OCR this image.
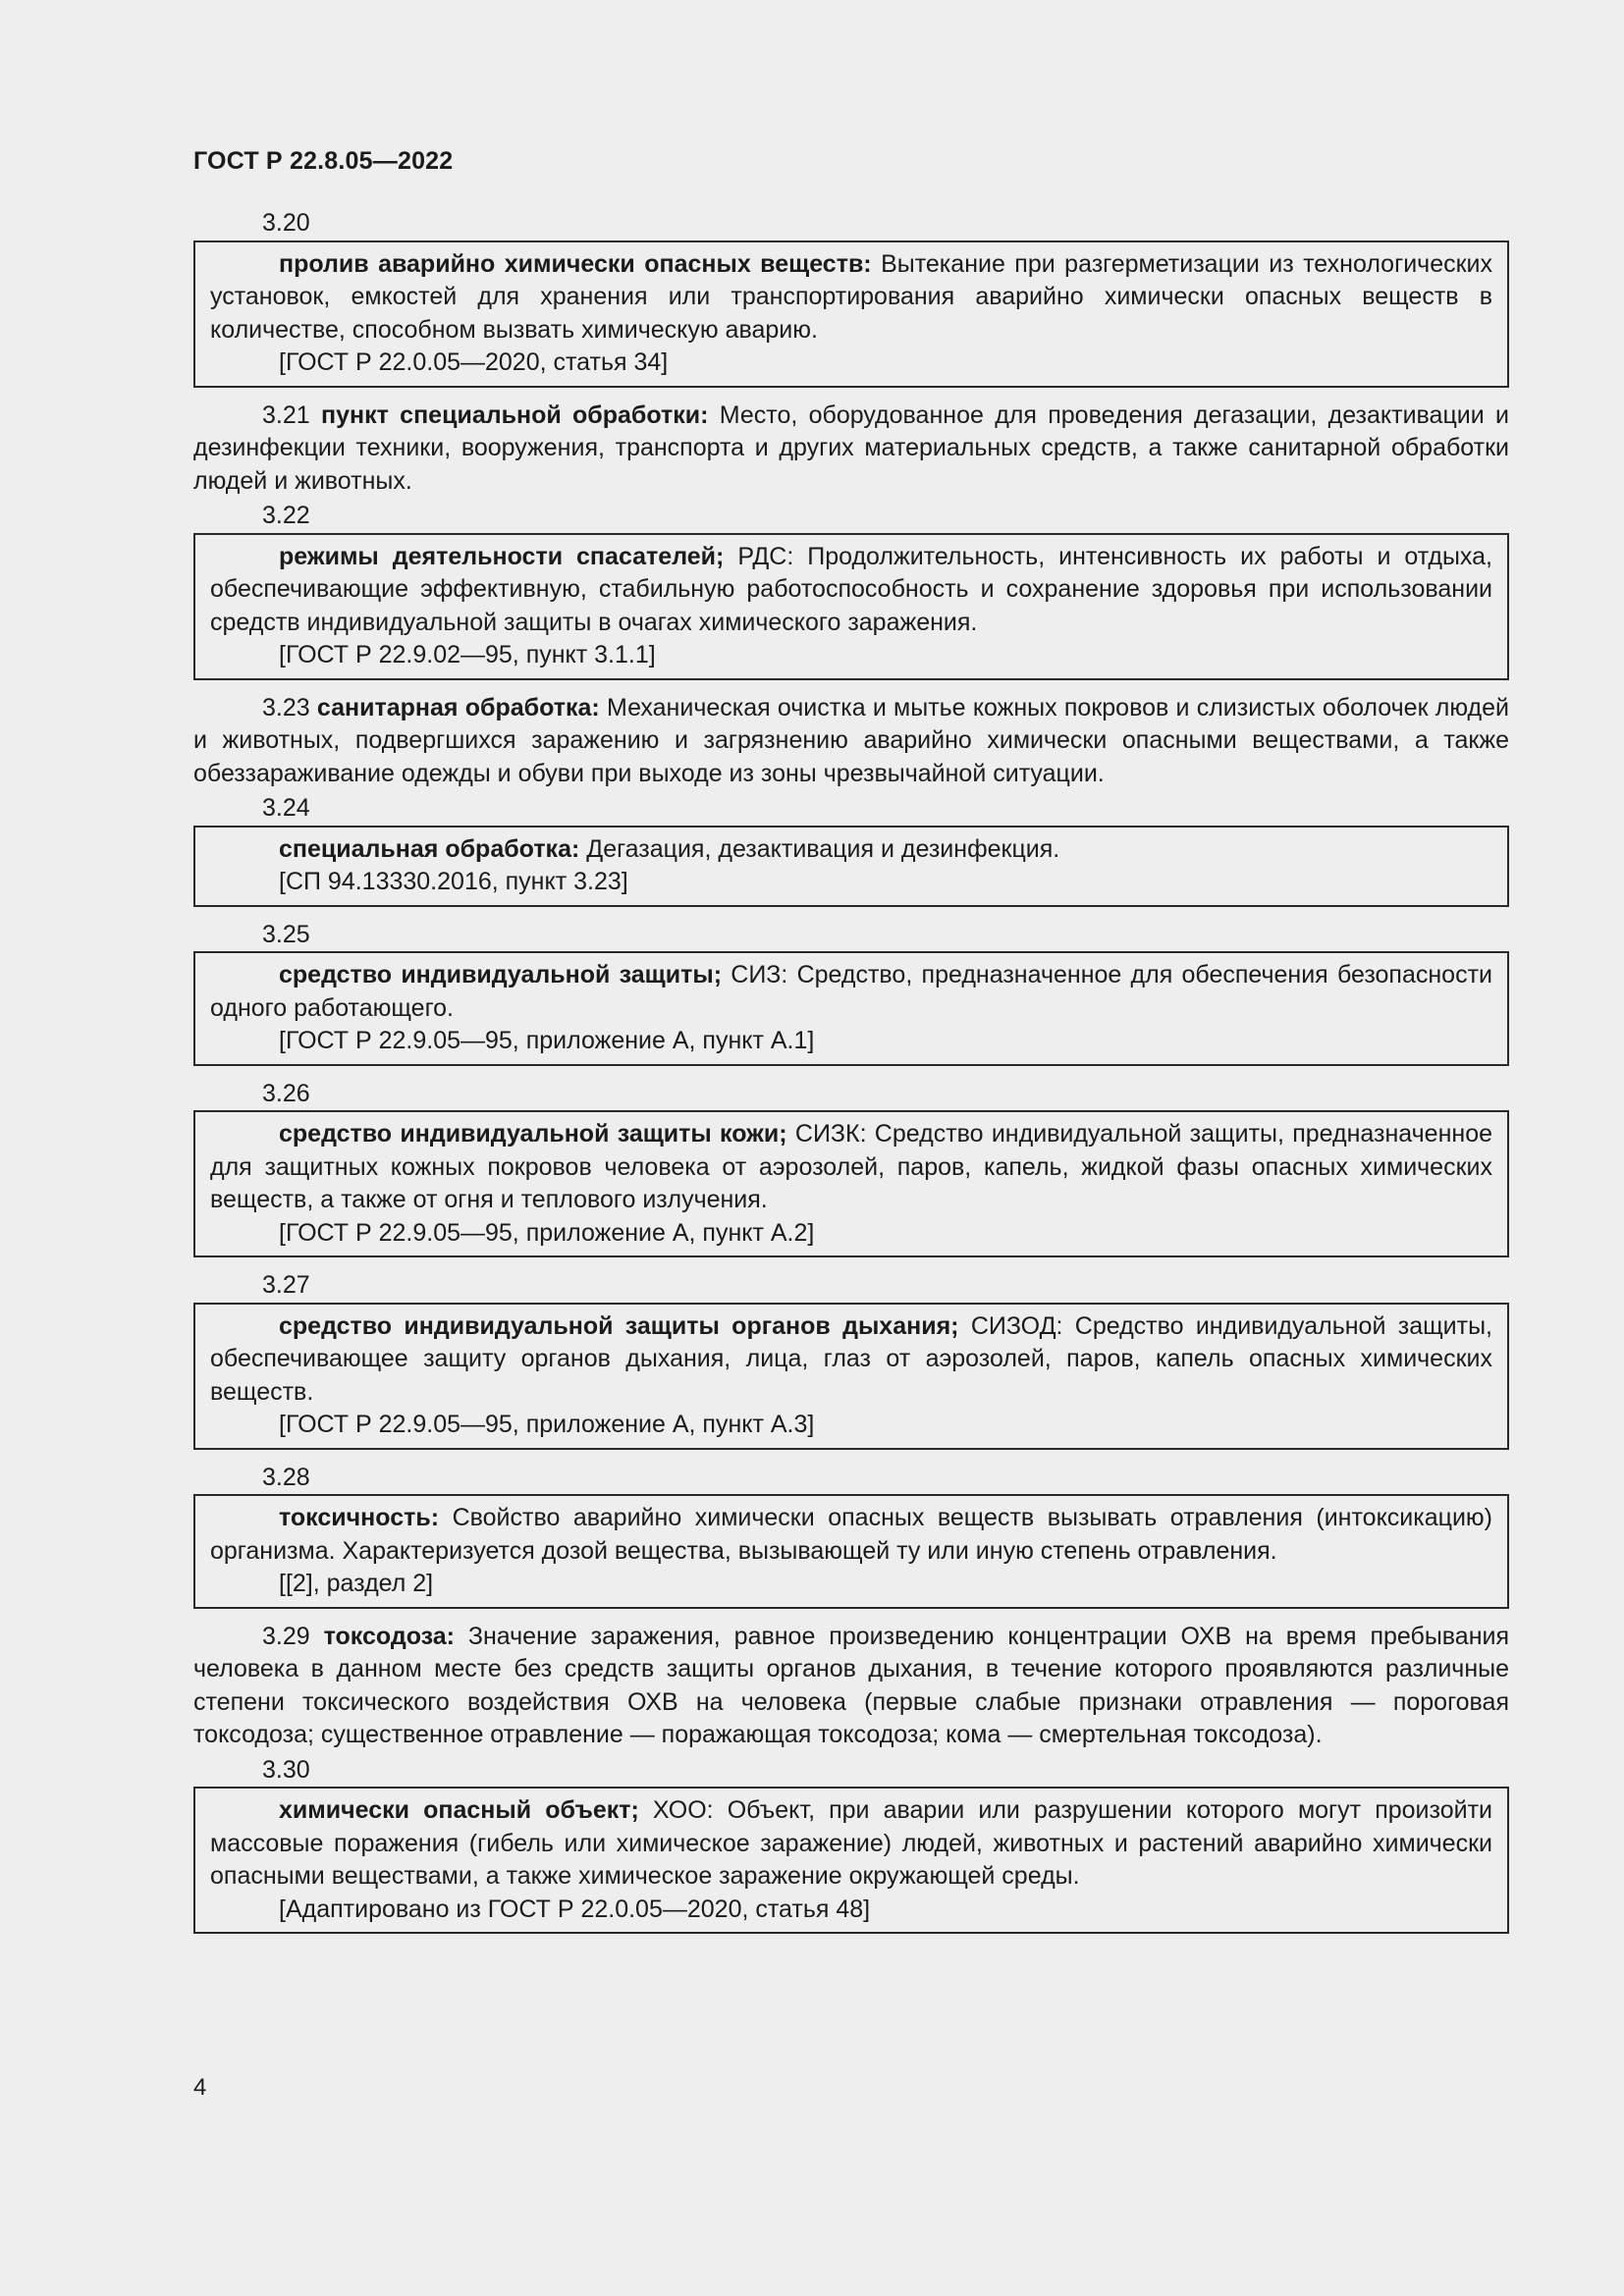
ГОСТ Р 22.8.05—2022
3.20

пролив аварийно химически опасных веществ: Вытекание при разгерметизации из технологических установок, емкостей для хранения или транспортирования аварийно химически опасных веществ в количестве, способном вызвать химическую аварию.

[ГОСТ Р 22.0.05—2020, статья 34]

3.21 пункт специальной обработки: Место, оборудованное для проведения дегазации, дезактивации и дезинфекции техники, вооружения, транспорта и других материальных средств, а также санитарной обработки людей и животных.

3.22

режимы деятельности спасателей; РДС: Продолжительность, интенсивность их работы и отдыха, обеспечивающие эффективную, стабильную работоспособность и сохранение здоровья при использовании средств индивидуальной защиты в очагах химического заражения.

[ГОСТ Р 22.9.02—95, пункт 3.1.1]

3.23 санитарная обработка: Механическая очистка и мытье кожных покровов и слизистых оболочек людей и животных, подвергшихся заражению и загрязнению аварийно химически опасными веществами, а также обеззараживание одежды и обуви при выходе из зоны чрезвычайной ситуации.

3.24

специальная обработка: Дегазация, дезактивация и дезинфекция.

[СП 94.13330.2016, пункт 3.23]
3.25

средство индивидуальной защиты; СИЗ: Средство, предназначенное для обеспечения безопасности одного работающего.

[ГОСТ Р 22.9.05—95, приложение А, пункт А.1]
3.26

средство индивидуальной защиты кожи; СИЗК: Средство индивидуальной защиты, предназначенное для защитных кожных покровов человека от аэрозолей, паров, капель, жидкой фазы опасных химических веществ, а также от огня и теплового излучения.

[ГОСТ Р 22.9.05—95, приложение А, пункт А.2]
3.27

средство индивидуальной защиты органов дыхания; СИЗОД: Средство индивидуальной защиты, обеспечивающее защиту органов дыхания, лица, глаз от аэрозолей, паров, капель опасных химических веществ.

[ГОСТ Р 22.9.05—95, приложение А, пункт А.3]
3.28

токсичность: Свойство аварийно химически опасных веществ вызывать отравления (интоксикацию) организма. Характеризуется дозой вещества, вызывающей ту или иную степень отравления.

[[2], раздел 2]

3.29 токсодоза: Значение заражения, равное произведению концентрации ОХВ на время пребывания человека в данном месте без средств защиты органов дыхания, в течение которого проявляются различные степени токсического воздействия ОХВ на человека (первые слабые признаки отравления — пороговая токсодоза; существенное отравление — поражающая токсодоза; кома — смертельная токсодоза).

3.30

химически опасный объект; ХОО: Объект, при аварии или разрушении которого могут произойти массовые поражения (гибель или химическое заражение) людей, животных и растений аварийно химически опасными веществами, а также химическое заражение окружающей среды.

[Адаптировано из ГОСТ Р 22.0.05—2020, статья 48]
4
